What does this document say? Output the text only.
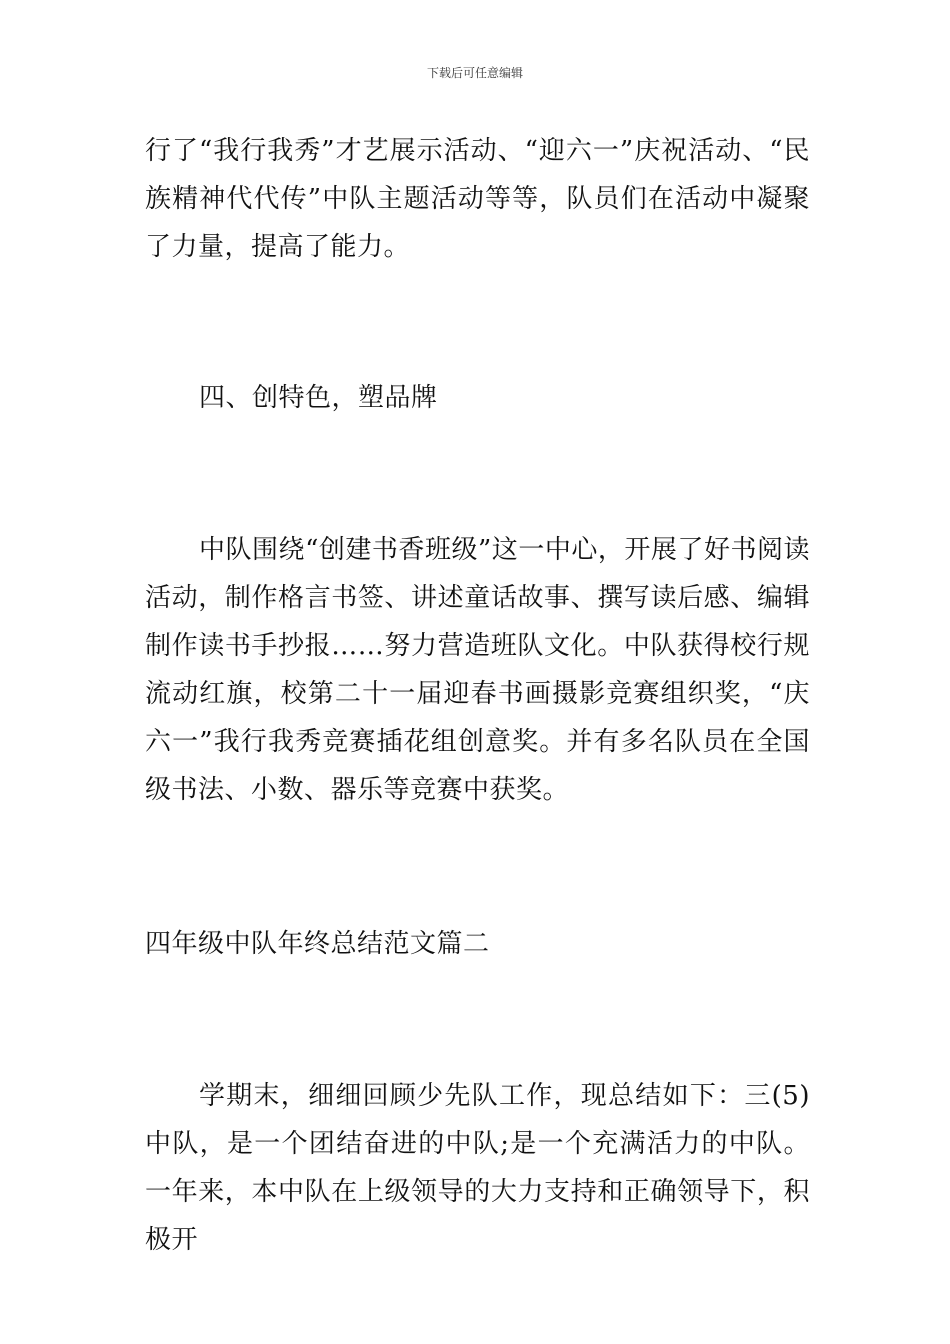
下载后可任意编辑

行了“我行我秀”才艺展示活动、“迎六一”庆祝活动、“民族精神代代传”中队主题活动等等，队员们在活动中凝聚了力量，提高了能力。

四、创特色，塑品牌

中队围绕“创建书香班级”这一中心，开展了好书阅读活动，制作格言书签、讲述童话故事、撰写读后感、编辑制作读书手抄报……努力营造班队文化。中队获得校行规流动红旗，校第二十一届迎春书画摄影竞赛组织奖，“庆六一”我行我秀竞赛插花组创意奖。并有多名队员在全国级书法、小数、器乐等竞赛中获奖。

四年级中队年终总结范文篇二

学期末，细细回顾少先队工作，现总结如下：三(5)中队，是一个团结奋进的中队;是一个充满活力的中队。一年来，本中队在上级领导的大力支持和正确领导下，积极开
